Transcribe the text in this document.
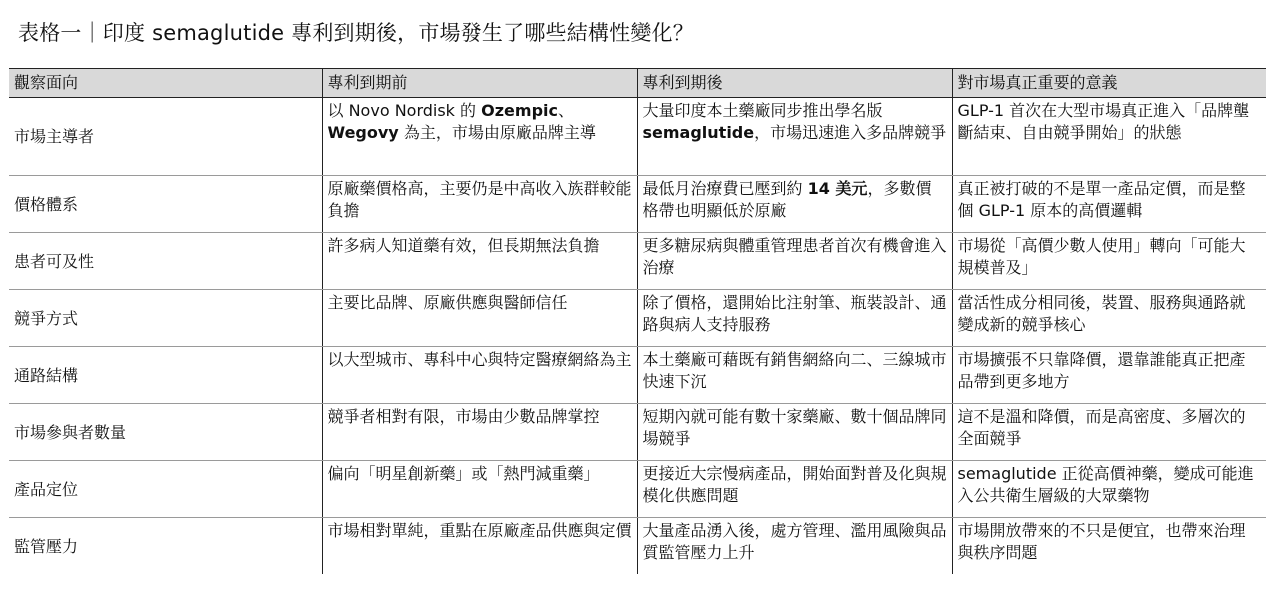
表格一｜印度 semaglutide 專利到期後，市場發生了哪些結構性變化？
觀察面向	專利到期前	專利到期後	對市場真正重要的意義
市場主導者	以 Novo Nordisk 的 Ozempic、Wegovy 為主，市場由原廠品牌主導	大量印度本土藥廠同步推出學名版 semaglutide，市場迅速進入多品牌競爭	GLP-1 首次在大型市場真正進入「品牌壟斷結束、自由競爭開始」的狀態
價格體系	原廠藥價格高，主要仍是中高收入族群較能負擔	最低月治療費已壓到約 14 美元，多數價格帶也明顯低於原廠	真正被打破的不是單一產品定價，而是整個 GLP-1 原本的高價邏輯
患者可及性	許多病人知道藥有效，但長期無法負擔	更多糖尿病與體重管理患者首次有機會進入治療	市場從「高價少數人使用」轉向「可能大規模普及」
競爭方式	主要比品牌、原廠供應與醫師信任	除了價格，還開始比注射筆、瓶裝設計、通路與病人支持服務	當活性成分相同後，裝置、服務與通路就變成新的競爭核心
通路結構	以大型城市、專科中心與特定醫療網絡為主	本土藥廠可藉既有銷售網絡向二、三線城市快速下沉	市場擴張不只靠降價，還靠誰能真正把產品帶到更多地方
市場參與者數量	競爭者相對有限，市場由少數品牌掌控	短期內就可能有數十家藥廠、數十個品牌同場競爭	這不是溫和降價，而是高密度、多層次的全面競爭
產品定位	偏向「明星創新藥」或「熱門減重藥」	更接近大宗慢病產品，開始面對普及化與規模化供應問題	semaglutide 正從高價神藥，變成可能進入公共衛生層級的大眾藥物
監管壓力	市場相對單純，重點在原廠產品供應與定價	大量產品湧入後，處方管理、濫用風險與品質監管壓力上升	市場開放帶來的不只是便宜，也帶來治理與秩序問題
